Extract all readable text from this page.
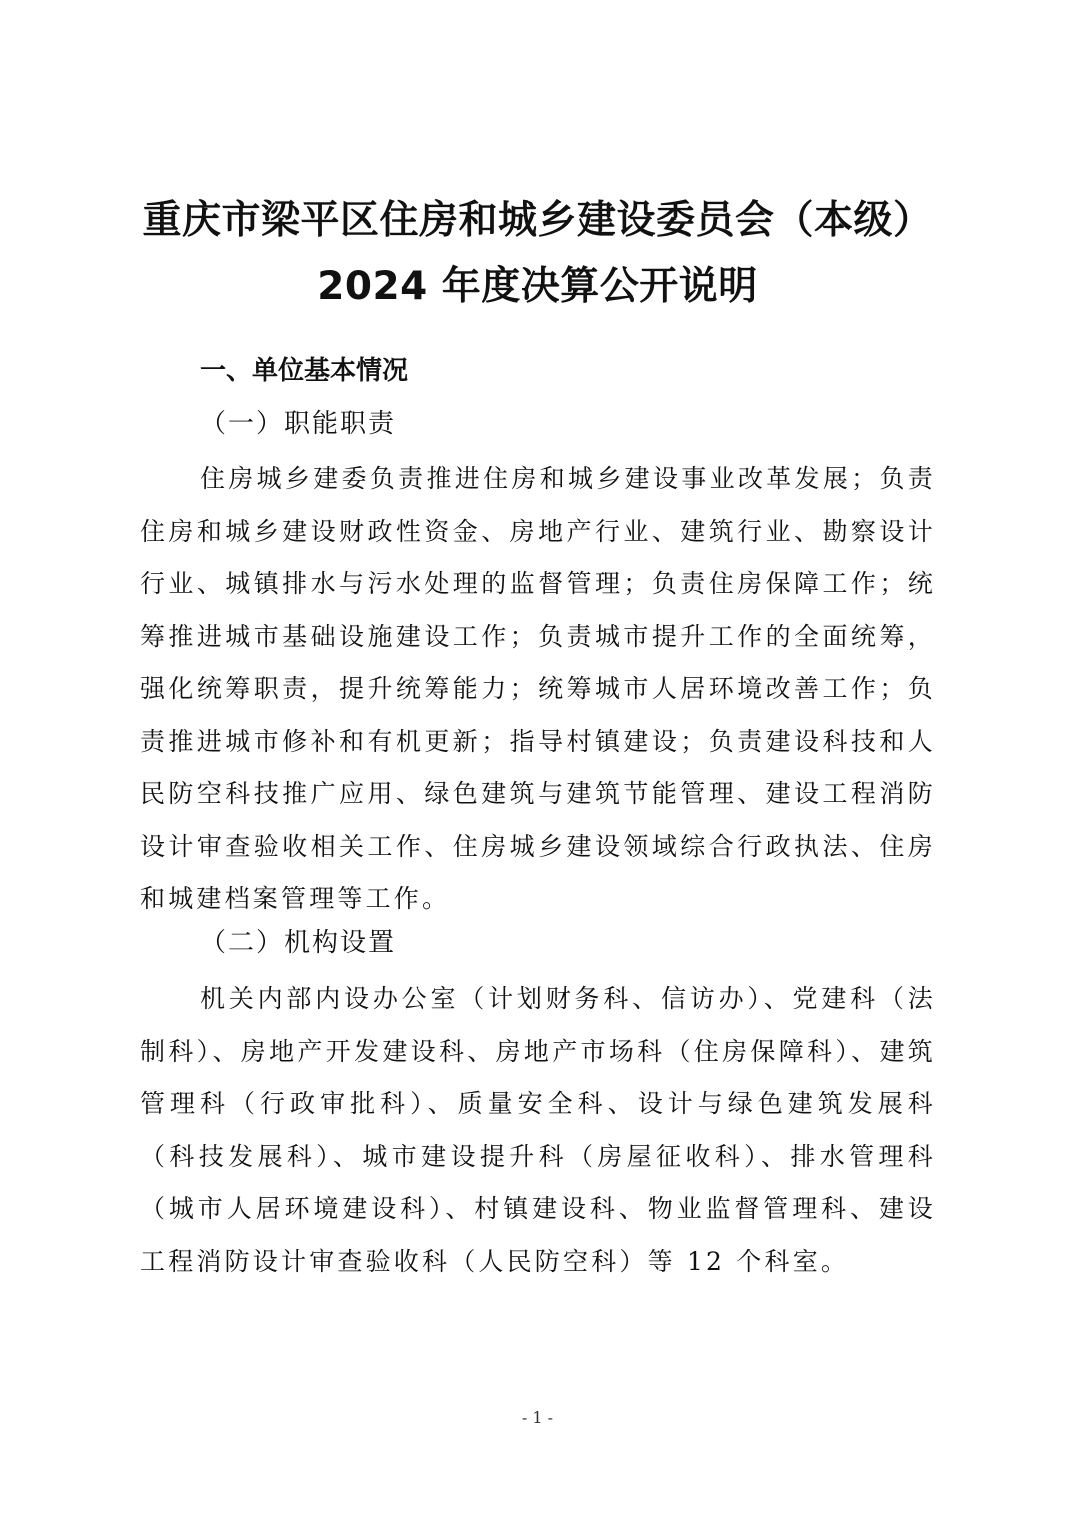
重庆市梁平区住房和城乡建设委员会（本级）
2024 年度决算公开说明
一、单位基本情况
（一）职能职责
住房城乡建委负责推进住房和城乡建设事业改革发展；负责住房和城乡建设财政性资金、房地产行业、建筑行业、勘察设计行业、城镇排水与污水处理的监督管理；负责住房保障工作；统筹推进城市基础设施建设工作；负责城市提升工作的全面统筹，强化统筹职责，提升统筹能力；统筹城市人居环境改善工作；负责推进城市修补和有机更新；指导村镇建设；负责建设科技和人民防空科技推广应用、绿色建筑与建筑节能管理、建设工程消防设计审查验收相关工作、住房城乡建设领域综合行政执法、住房和城建档案管理等工作。
（二）机构设置
机关内部内设办公室（计划财务科、信访办）、党建科（法制科）、房地产开发建设科、房地产市场科（住房保障科）、建筑管理科（行政审批科）、质量安全科、设计与绿色建筑发展科（科技发展科）、城市建设提升科（房屋征收科）、排水管理科（城市人居环境建设科）、村镇建设科、物业监督管理科、建设工程消防设计审查验收科（人民防空科）等 12 个科室。
- 1 -
